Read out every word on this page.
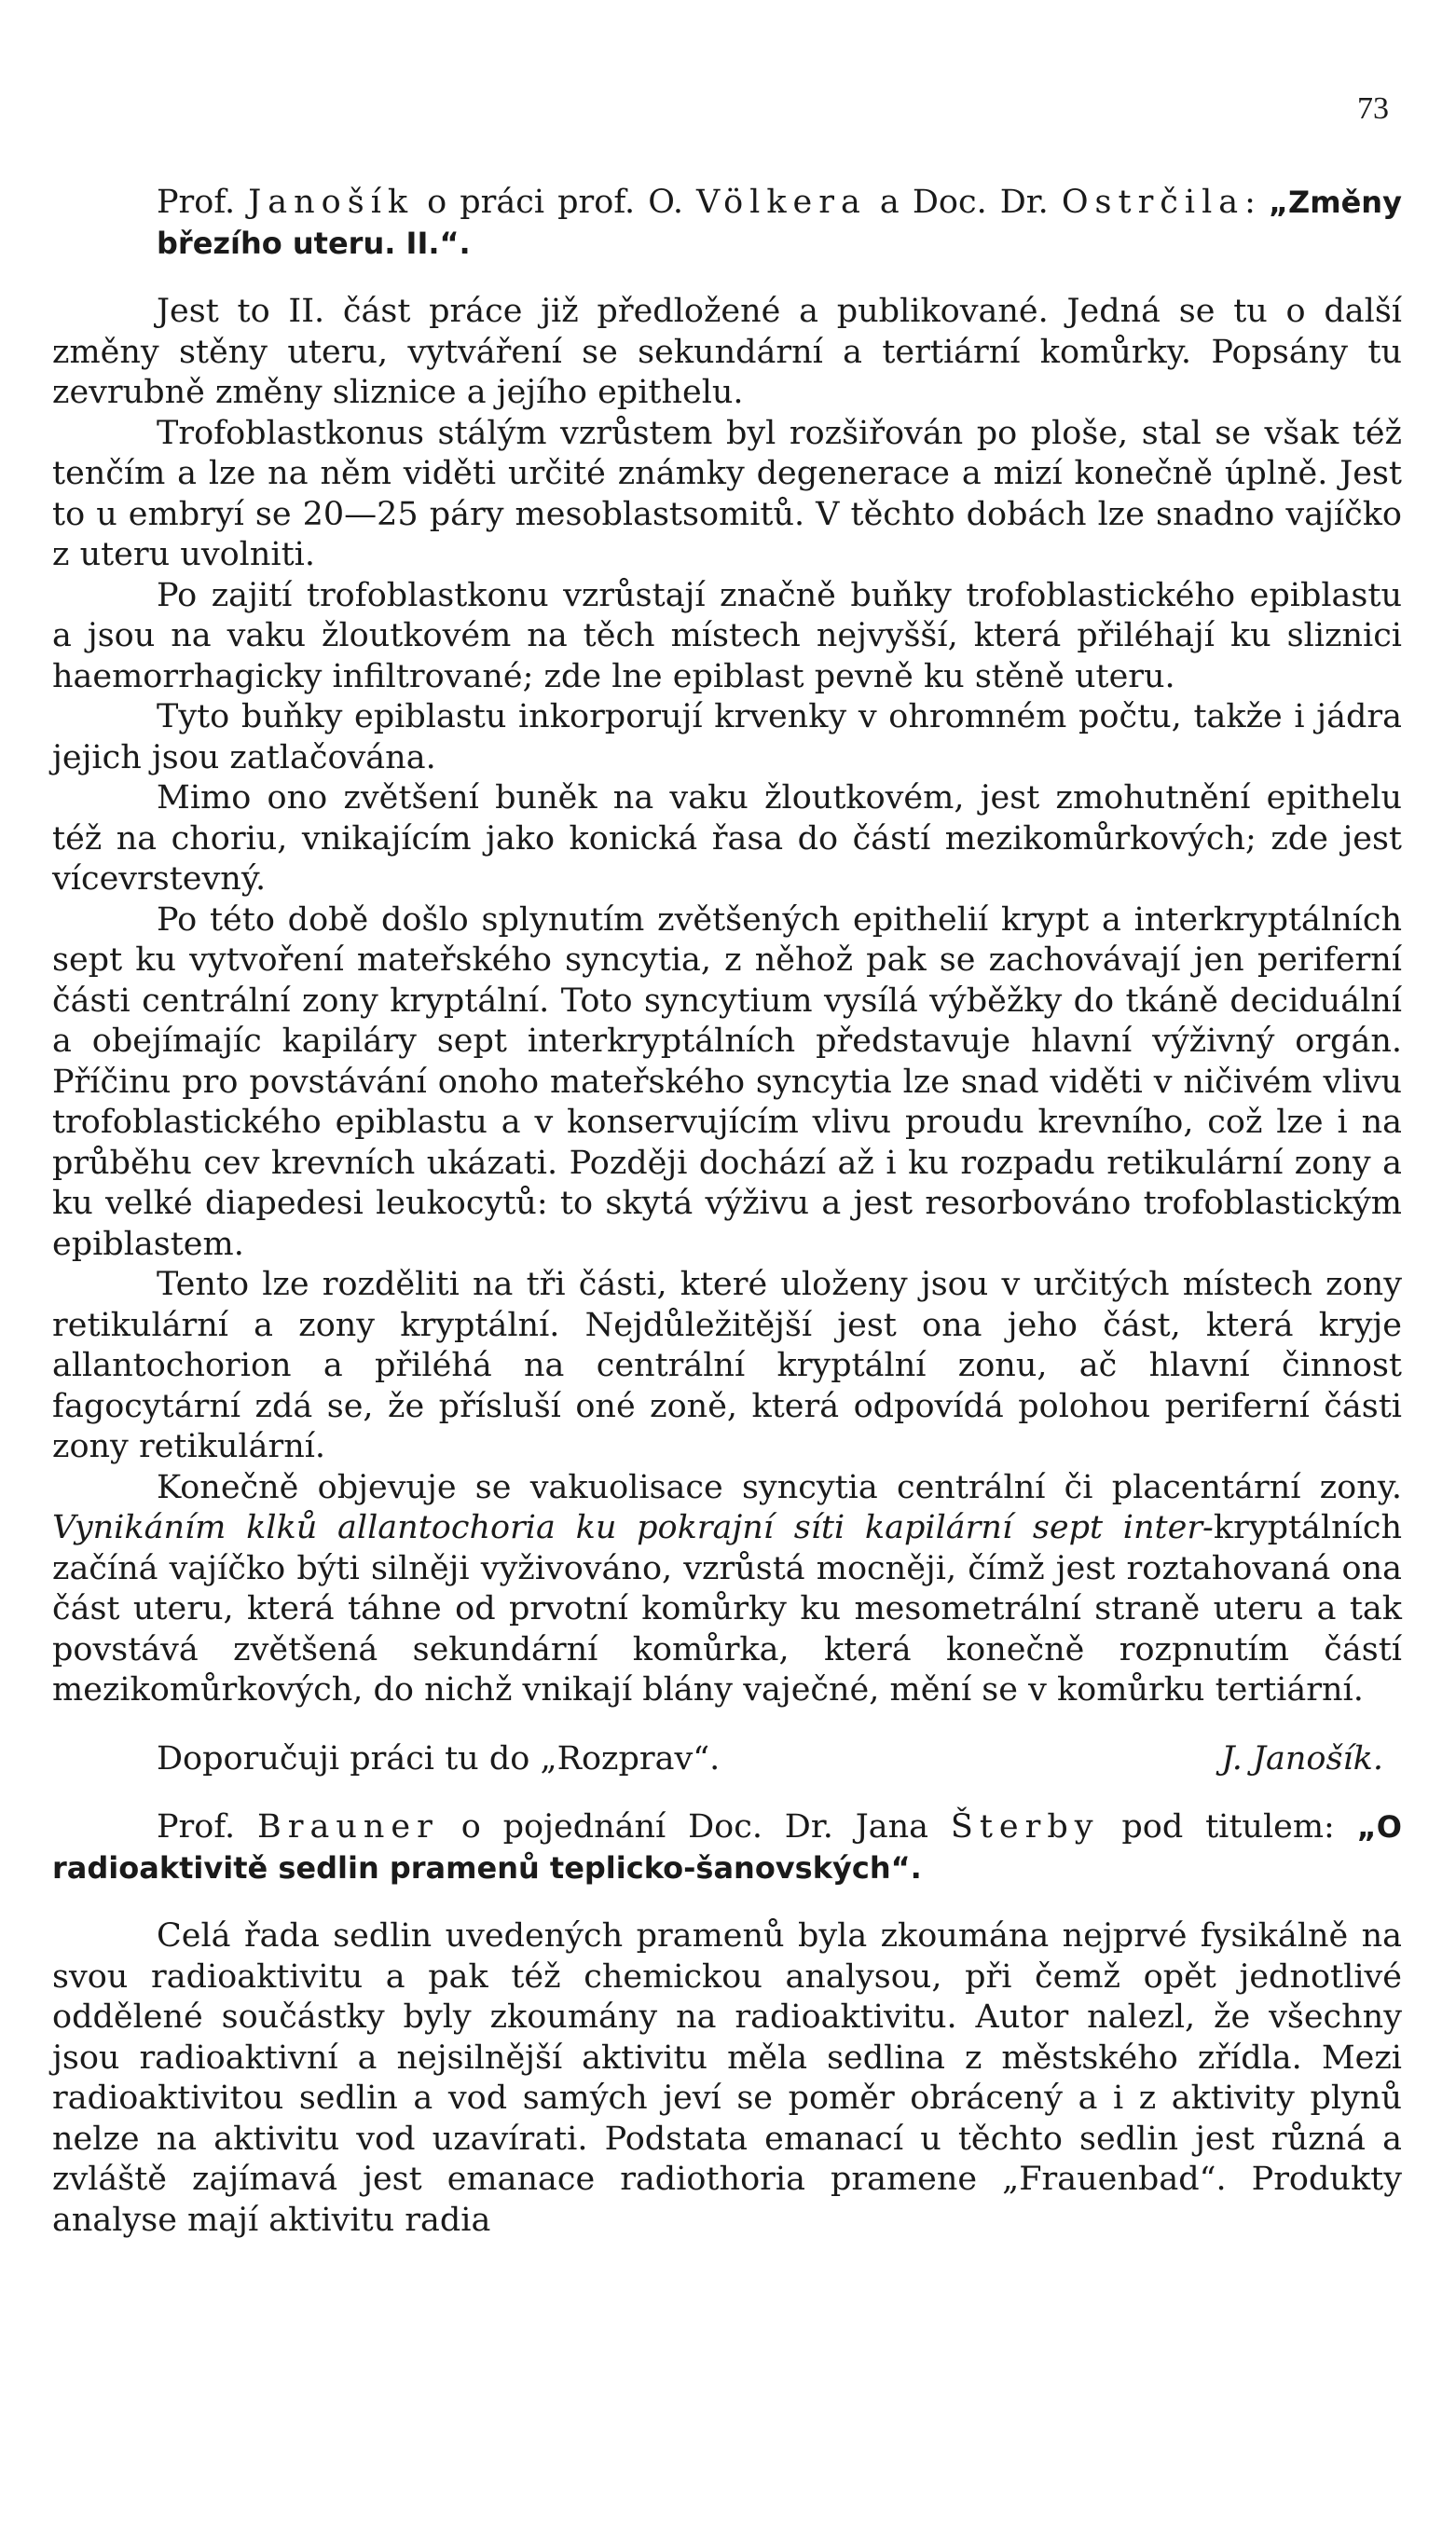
73

Prof. Janošík o práci prof. O. Völkera a Doc. Dr. Ostrčila: „Změny březího uteru. II.“.

Jest to II. část práce již předložené a publikované. Jedná se tu o další změny stěny uteru, vytváření se sekundární a tertiární komůrky. Popsány tu zevrubně změny sliznice a jejího epithelu.

Trofoblastkonus stálým vzrůstem byl rozšiřován po ploše, stal se však též tenčím a lze na něm viděti určité známky degenerace a mizí konečně úplně. Jest to u embryí se 20—25 páry mesoblastsomitů. V těchto dobách lze snadno vajíčko z uteru uvolniti.

Po zajití trofoblastkonu vzrůstají značně buňky trofoblastického epiblastu a jsou na vaku žloutkovém na těch místech nejvyšší, která přiléhají ku sliznici haemorrhagicky infiltrované; zde lne epiblast pevně ku stěně uteru.

Tyto buňky epiblastu inkorporují krvenky v ohromném počtu, takže i jádra jejich jsou zatlačována.

Mimo ono zvětšení buněk na vaku žloutkovém, jest zmohutnění epithelu též na choriu, vnikajícím jako konická řasa do částí mezikomůrkových; zde jest vícevrstevný.

Po této době došlo splynutím zvětšených epithelií krypt a interkryptálních sept ku vytvoření mateřského syncytia, z něhož pak se zachovávají jen periferní části centrální zony kryptální. Toto syncytium vysílá výběžky do tkáně deciduální a obejímajíc kapiláry sept interkryptálních představuje hlavní výživný orgán. Příčinu pro povstávání onoho mateřského syncytia lze snad viděti v ničivém vlivu trofoblastického epiblastu a v konservujícím vlivu proudu krevního, což lze i na průběhu cev krevních ukázati. Později dochází až i ku rozpadu retikulární zony a ku velké diapedesi leukocytů: to skytá výživu a jest resorbováno trofoblastickým epiblastem.

Tento lze rozděliti na tři části, které uloženy jsou v určitých místech zony retikulární a zony kryptální. Nejdůležitější jest ona jeho část, která kryje allantochorion a přiléhá na centrální kryptální zonu, ač hlavní činnost fagocytární zdá se, že přísluší oné zoně, která odpovídá polohou periferní části zony retikulární.

Konečně objevuje se vakuolisace syncytia centrální či placentární zony. Vynikáním klků allantochoria ku pokrajní síti kapilární sept inter-kryptálních začíná vajíčko býti silněji vyživováno, vzrůstá mocněji, čímž jest roztahovaná ona část uteru, která táhne od prvotní komůrky ku mesometrální straně uteru a tak povstává zvětšená sekundární komůrka, která konečně rozpnutím částí mezikomůrkových, do nichž vnikají blány vaječné, mění se v komůrku tertiární.

Doporučuji práci tu do „Rozprav“.	J. Janošík.

Prof. Brauner o pojednání Doc. Dr. Jana Šterby pod titulem: „O radioaktivitě sedlin pramenů teplicko-šanovských“.

Celá řada sedlin uvedených pramenů byla zkoumána nejprvé fysikálně na svou radioaktivitu a pak též chemickou analysou, při čemž opět jednotlivé oddělené součástky byly zkoumány na radioaktivitu. Autor nalezl, že všechny jsou radioaktivní a nejsilnější aktivitu měla sedlina z městského zřídla. Mezi radioaktivitou sedlin a vod samých jeví se poměr obrácený a i z aktivity plynů nelze na aktivitu vod uzavírati. Podstata emanací u těchto sedlin jest různá a zvláště zajímavá jest emanace radiothoria pramene „Frauenbad“. Produkty analyse mají aktivitu radia
